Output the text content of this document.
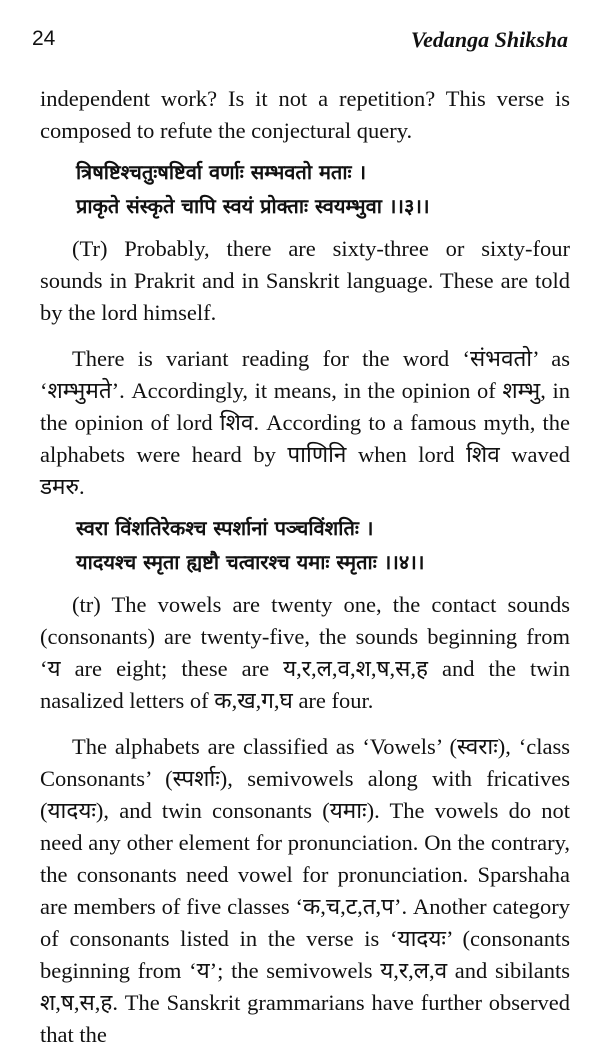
24	Vedanga Shiksha

independent work? Is it not a repetition? This verse is composed to refute the conjectural query.

त्रिषष्टिश्चतुःषष्टिर्वा वर्णाः सम्भवतो मताः ।
प्राकृते संस्कृते चापि स्वयं प्रोक्ताः स्वयम्भुवा ।।३।।

(Tr) Probably, there are sixty-three or sixty-four sounds in Prakrit and in Sanskrit language. These are told by the lord himself.

There is variant reading for the word ‘संभवतो’ as ‘शम्भुमते’. Accordingly, it means, in the opinion of शम्भु, in the opinion of lord शिव. According to a famous myth, the alphabets were heard by पाणिनि when lord शिव waved डमरु.

स्वरा विंशतिरेकश्च स्पर्शानां पञ्चविंशतिः ।
यादयश्च स्मृता ह्यष्टौ चत्वारश्च यमाः स्मृताः ।।४।।

(tr) The vowels are twenty one, the contact sounds (consonants) are twenty-five, the sounds beginning from ‘य are eight; these are य,र,ल,व,श,ष,स,ह and the twin nasalized letters of क,ख,ग,घ are four.

The alphabets are classified as ‘Vowels’ (स्वराः), ‘class Consonants’ (स्पर्शाः), semivowels along with fricatives (यादयः), and twin consonants (यमाः). The vowels do not need any other element for pronunciation. On the contrary, the consonants need vowel for pronunciation. Sparshaha are members of five classes ‘क,च,ट,त,प’. Another category of consonants listed in the verse is ‘यादयः’ (consonants beginning from ‘य’; the semivowels य,र,ल,व and sibilants श,ष,स,ह. The Sanskrit grammarians have further observed that the
